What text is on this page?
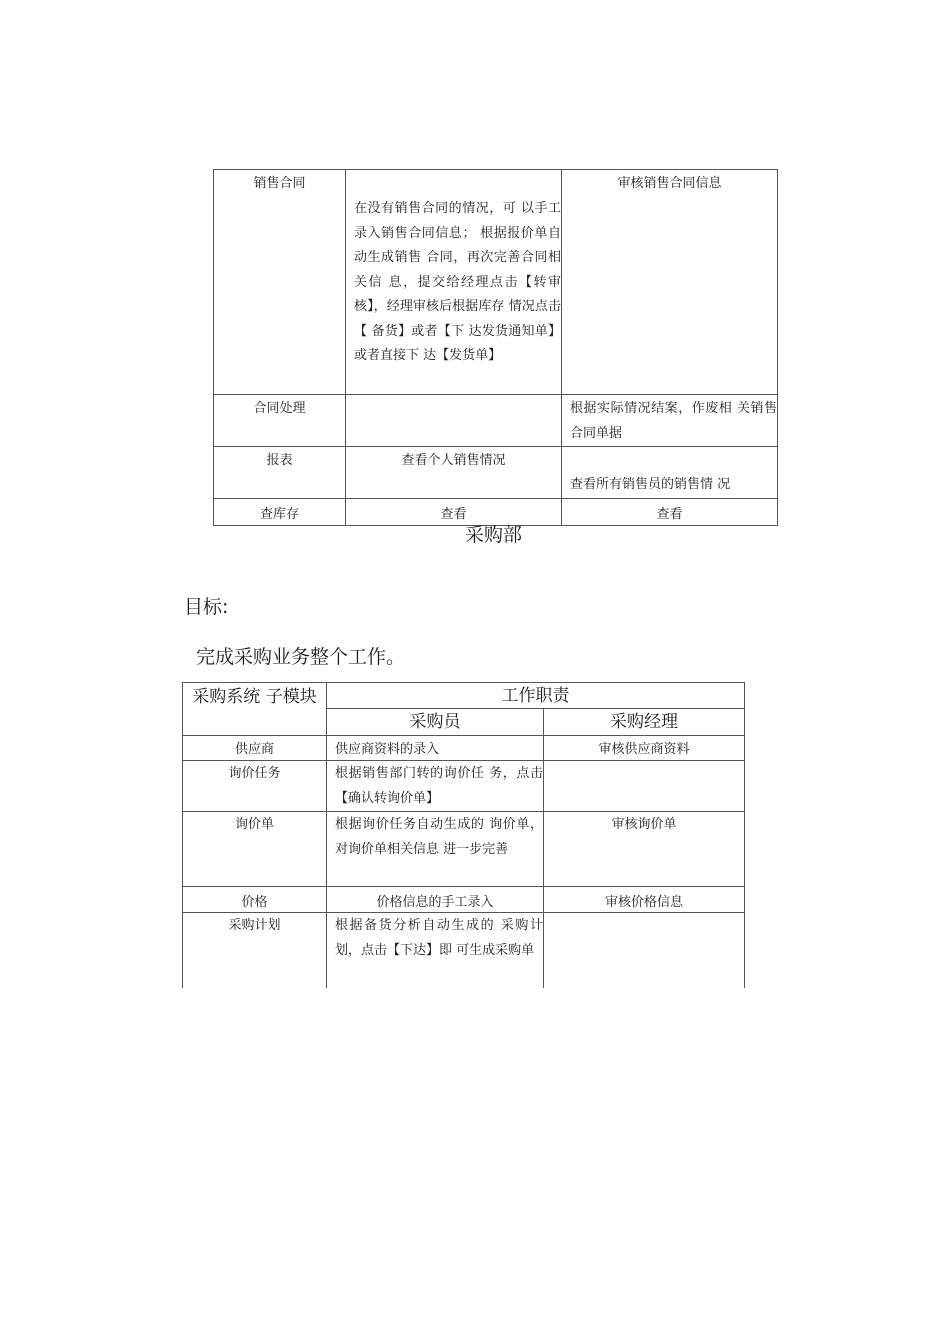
销售合同	在没有销售合同的情况，可 以手工录入销售合同信息； 根据报价单自动生成销售 合同，再次完善合同相关信 息，提交给经理点击【转审 核】，经理审核后根据库存 情况点击【 备货】或者【下 达发货通知单】或者直接下 达【发货单】	审核销售合同信息
合同处理		根据实际情况结案，作废相 关销售合同单据
报表	查看个人销售情况	查看所有销售员的销售情 况
查库存	查看	查看
采购部
目标:
完成采购业务整个工作。
采购系统 子模块	工作职责	
	采购员	采购经理
供应商	供应商资料的录入	审核供应商资料
询价任务	根据销售部门转的询价任 务，点击【确认转询价单】	
询价单	根据询价任务自动生成的 询价单，对询价单相关信息 进一步完善	审核询价单
价格	价格信息的手工录入	审核价格信息
采购计划	根据备货分析自动生成的 采购计划，点击【下达】即 可生成采购单	
